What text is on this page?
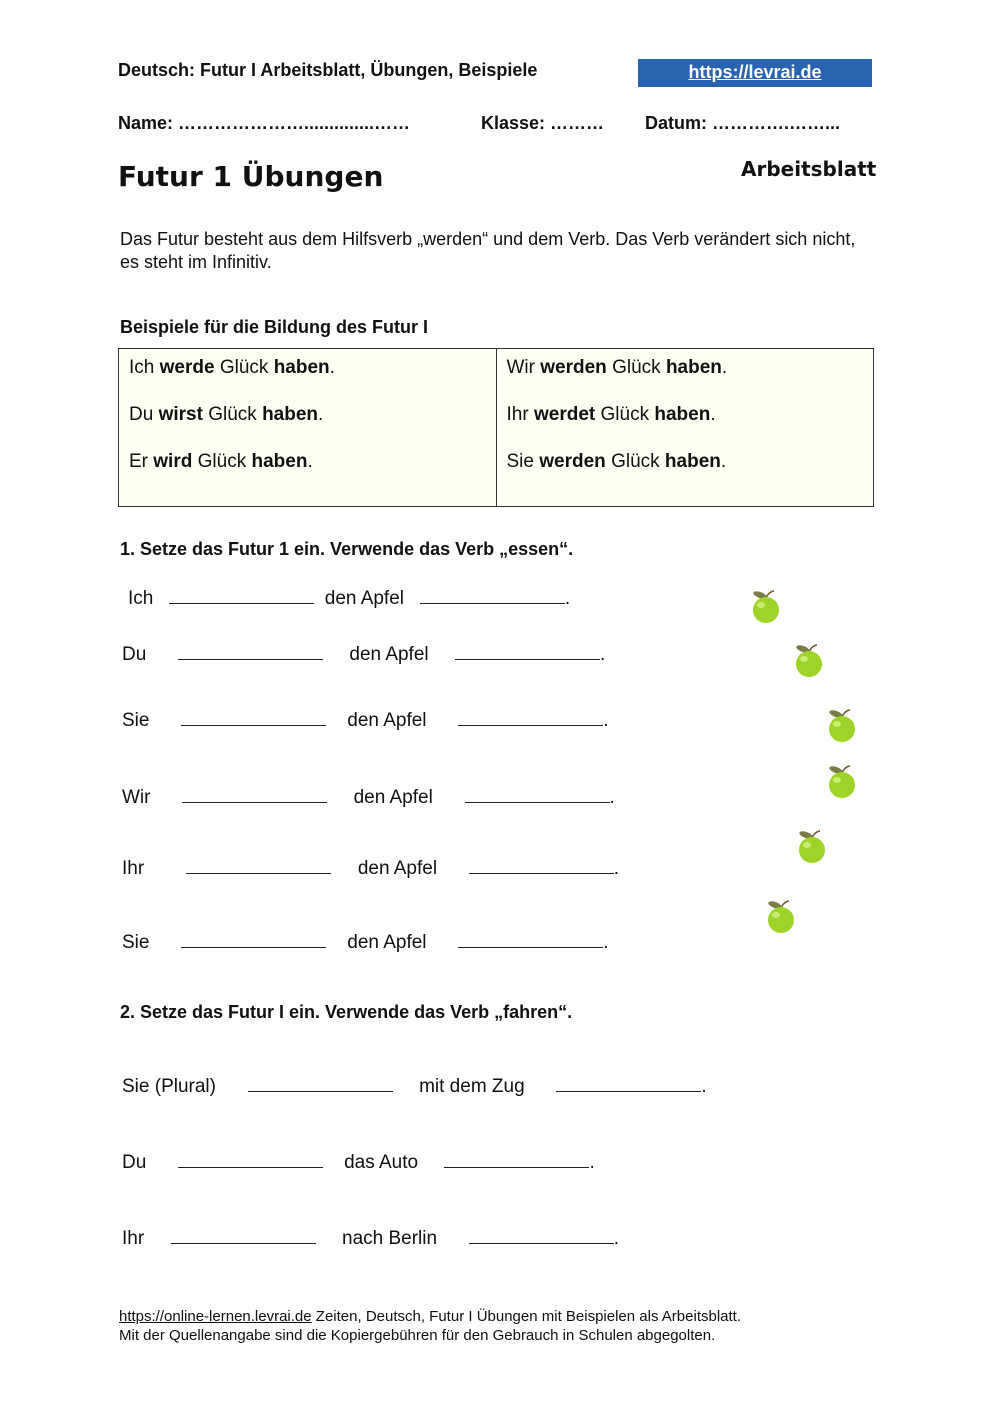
Deutsch: Futur I Arbeitsblatt, Übungen, Beispiele	https://levrai.de
Name: …………………..............……	Klasse: ……… Datum: ………….……...
Futur 1 Übungen	Arbeitsblatt
Das Futur besteht aus dem Hilfsverb „werden“ und dem Verb. Das Verb verändert sich nicht, es steht im Infinitiv.
Beispiele für die Bildung des Futur I
Ich werde Glück haben.
Du wirst Glück haben.
Er wird Glück haben.
Wir werden Glück haben.
Ihr werdet Glück haben.
Sie werden Glück haben.
1. Setze das Futur 1 ein. Verwende das Verb „essen“.
Ich	den Apfel	.
Du	den Apfel	.
Sie	den Apfel	.
Wir	den Apfel	.
Ihr	den Apfel	.
Sie	den Apfel	.
2. Setze das Futur I ein. Verwende das Verb „fahren“.
Sie (Plural)	mit dem Zug	.
Du	das Auto	.
Ihr	nach Berlin	.
https://online-lernen.levrai.de Zeiten, Deutsch, Futur I Übungen mit Beispielen als Arbeitsblatt.
Mit der Quellenangabe sind die Kopiergebühren für den Gebrauch in Schulen abgegolten.
